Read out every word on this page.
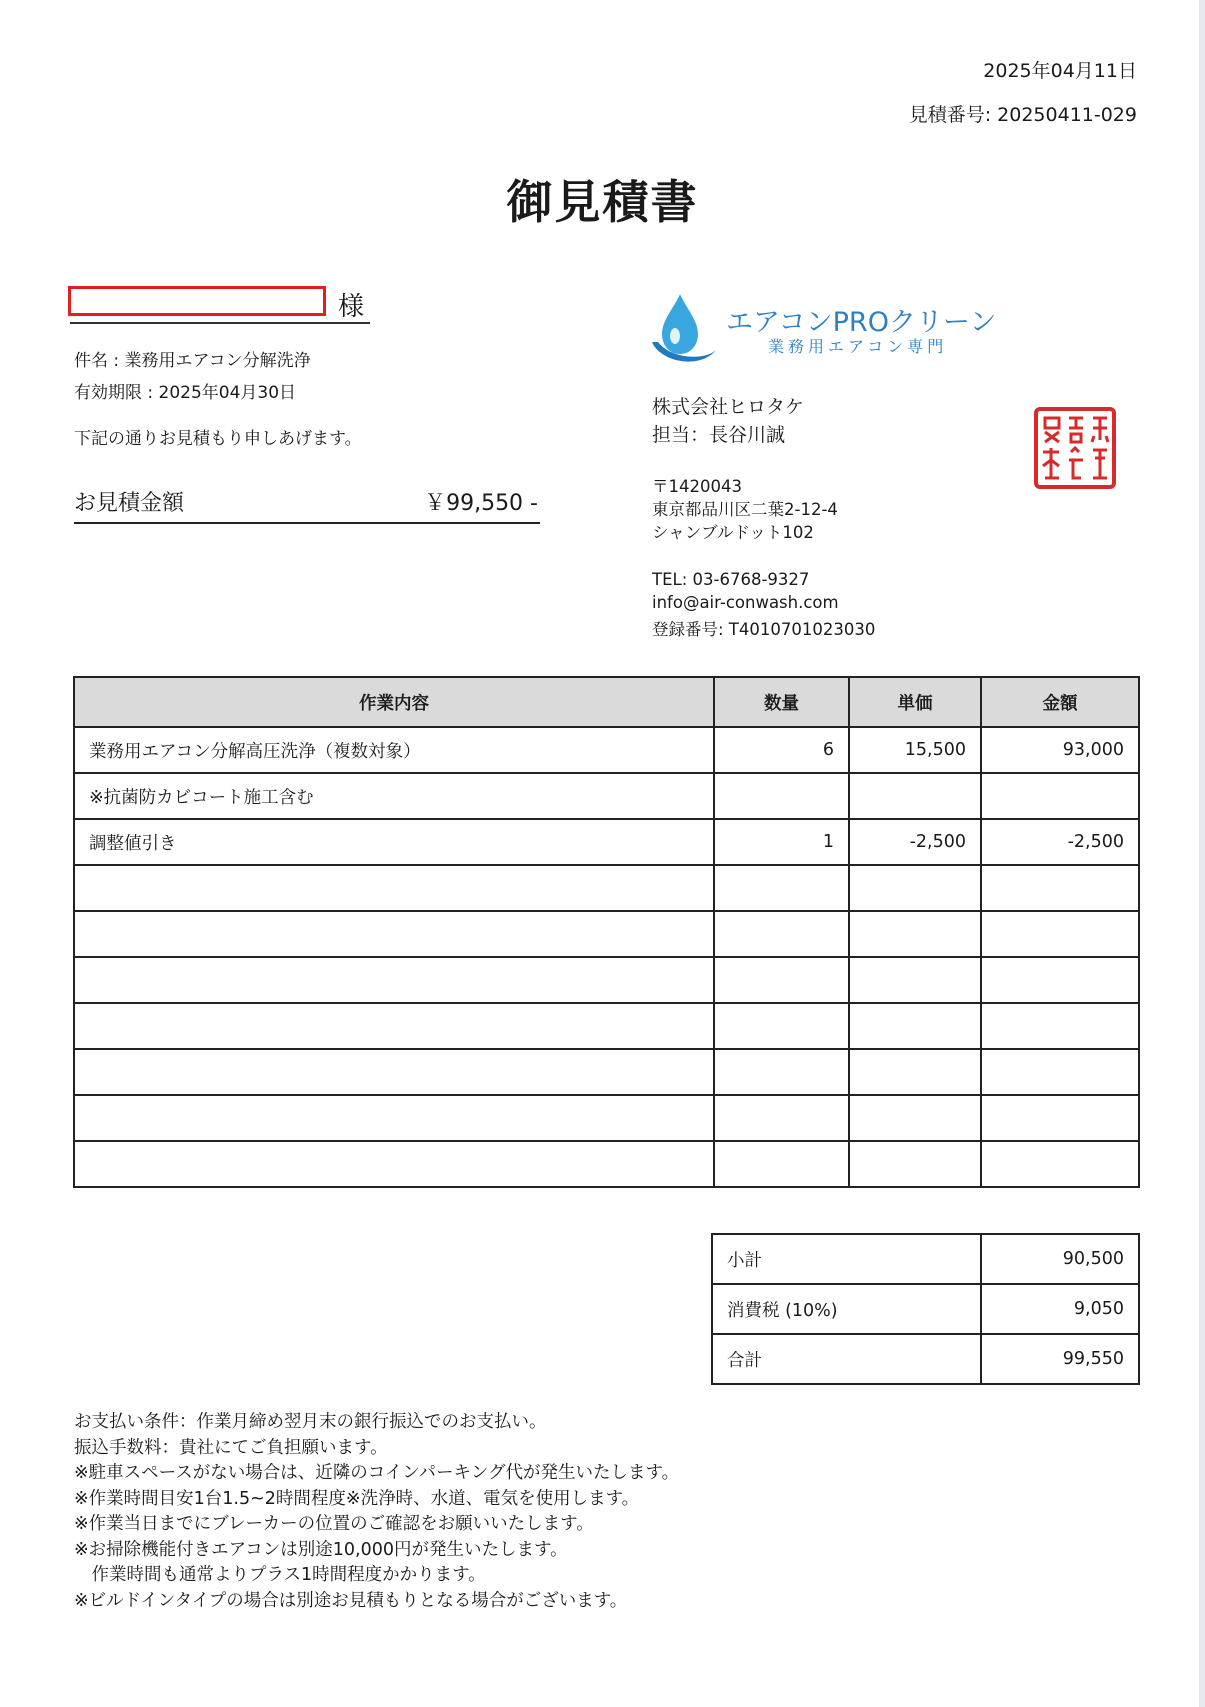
2025年04月11日
見積番号: 20250411-029
御見積書
様
件名 : 業務用エアコン分解洗浄
有効期限 : 2025年04月30日
下記の通りお見積もり申しあげます。
お見積金額	￥99,550 -
エアコンPROクリーン
業務用エアコン専門
株式会社ヒロタケ
担当：長谷川誠
〒1420043
東京都品川区二葉2-12-4
シャンブルドット102
TEL: 03-6768-9327
info@air-conwash.com
登録番号: T4010701023030
作業内容	数量	単価	金額
業務用エアコン分解高圧洗浄（複数対象）	6	15,500	93,000
※抗菌防カビコート施工含む			
調整値引き	1	-2,500	-2,500

小計	90,500
消費税 (10%)	9,050
合計	99,550
お支払い条件：作業月締め翌月末の銀行振込でのお支払い。
振込手数料：貴社にてご負担願います。
※駐車スペースがない場合は、近隣のコインパーキング代が発生いたします。
※作業時間目安1台1.5~2時間程度※洗浄時、水道、電気を使用します。
※作業当日までにブレーカーの位置のご確認をお願いいたします。
※お掃除機能付きエアコンは別途10,000円が発生いたします。
　作業時間も通常よりプラス1時間程度かかります。
※ビルドインタイプの場合は別途お見積もりとなる場合がございます。
